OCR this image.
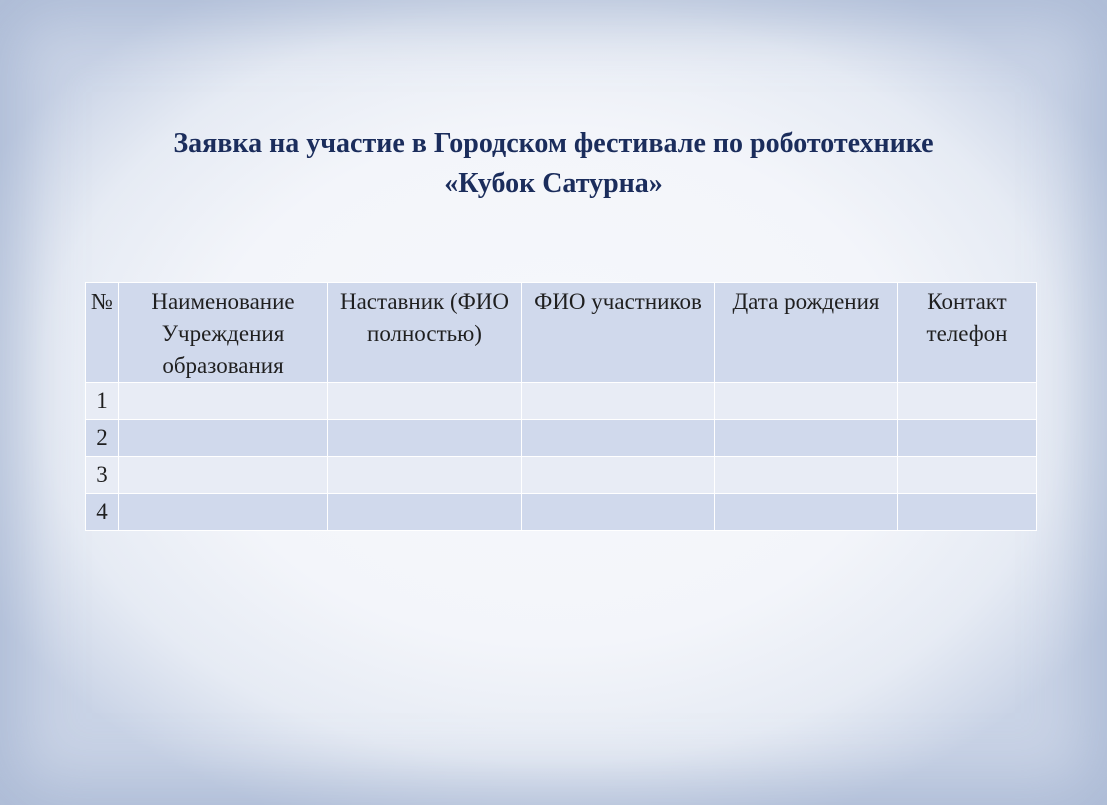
Заявка на участие в Городском фестивале по робототехнике
«Кубок Сатурна»
№	Наименование Учреждения образования	Наставник (ФИО полностью)	ФИО участников	Дата рождения	Контакт телефон
1					
2					
3					
4					
